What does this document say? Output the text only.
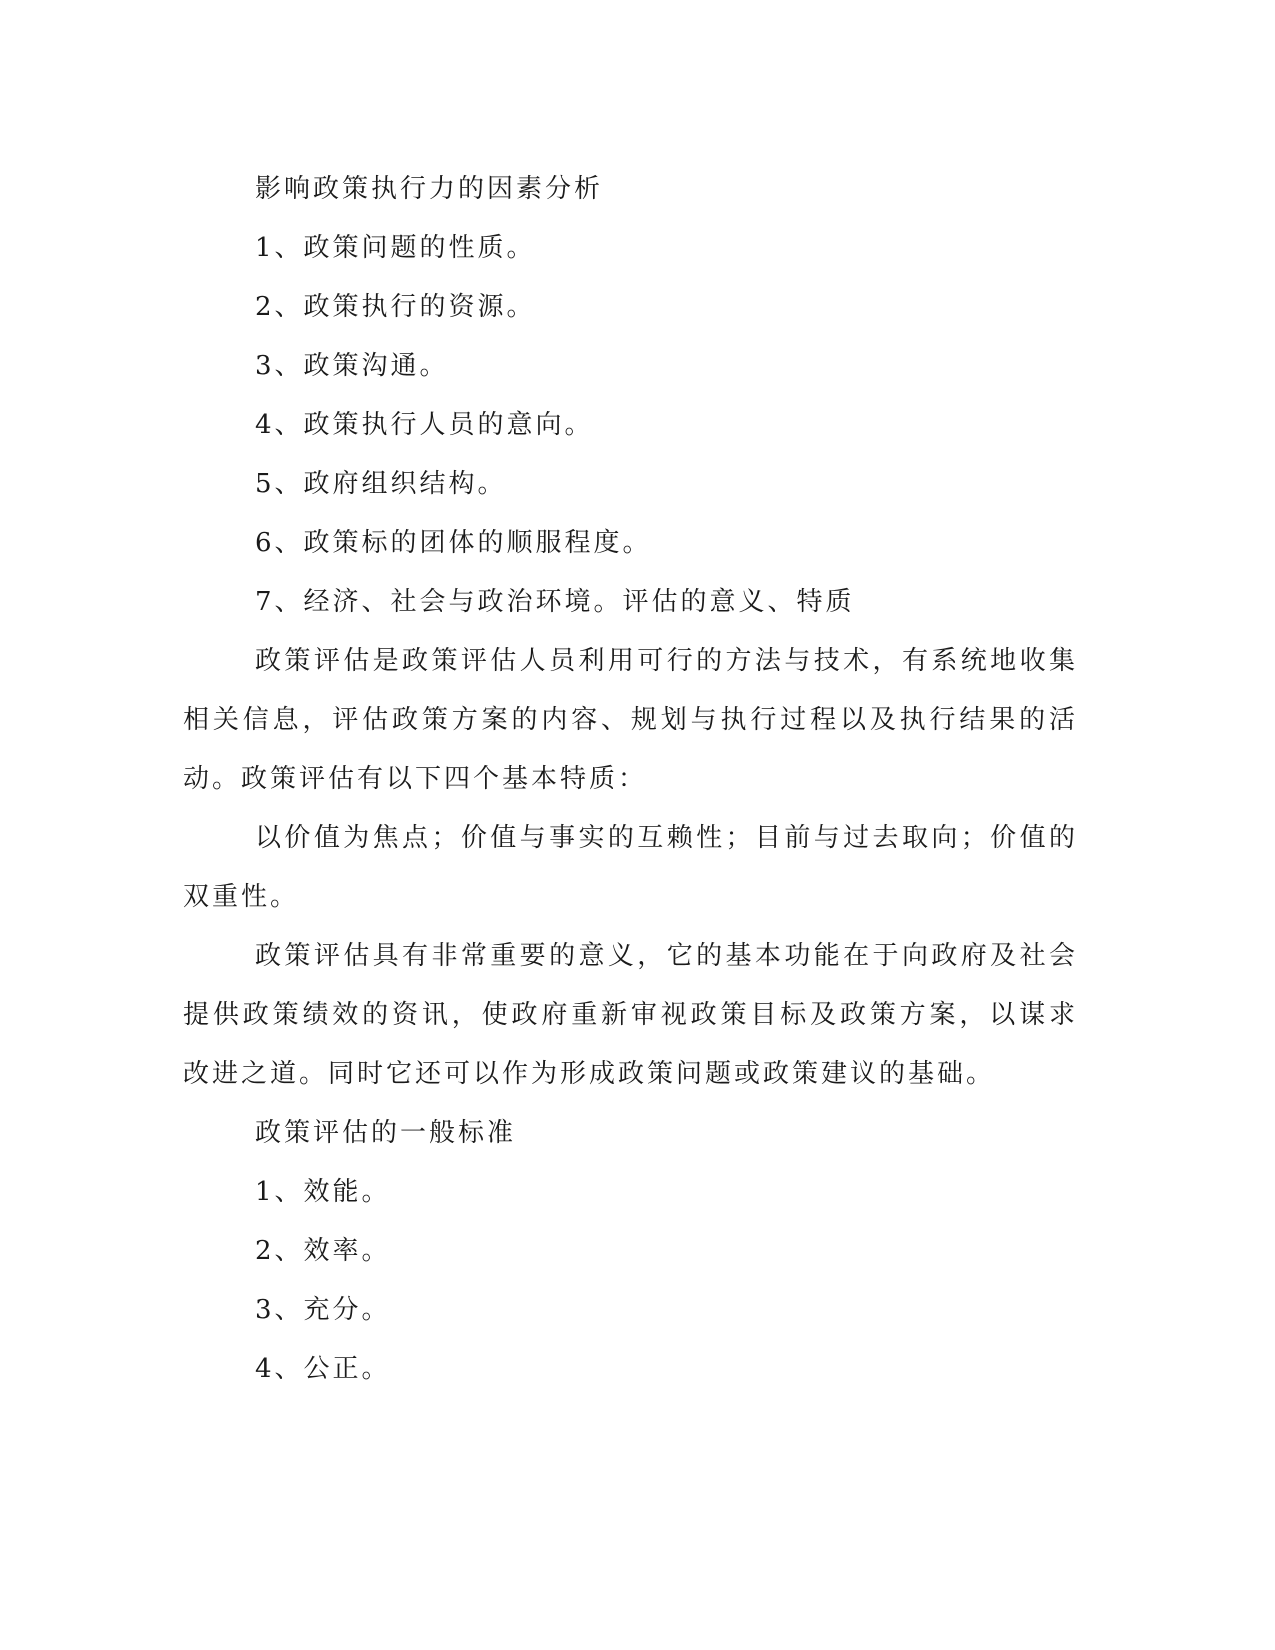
影响政策执行力的因素分析

1、政策问题的性质。

2、政策执行的资源。

3、政策沟通。

4、政策执行人员的意向。

5、政府组织结构。

6、政策标的团体的顺服程度。

7、经济、社会与政治环境。评估的意义、特质

政策评估是政策评估人员利用可行的方法与技术，有系统地收集相关信息，评估政策方案的内容、规划与执行过程以及执行结果的活动。政策评估有以下四个基本特质：

以价值为焦点；价值与事实的互赖性；目前与过去取向；价值的双重性。

政策评估具有非常重要的意义，它的基本功能在于向政府及社会提供政策绩效的资讯，使政府重新审视政策目标及政策方案，以谋求改进之道。同时它还可以作为形成政策问题或政策建议的基础。

政策评估的一般标准

1、效能。

2、效率。

3、充分。

4、公正。
